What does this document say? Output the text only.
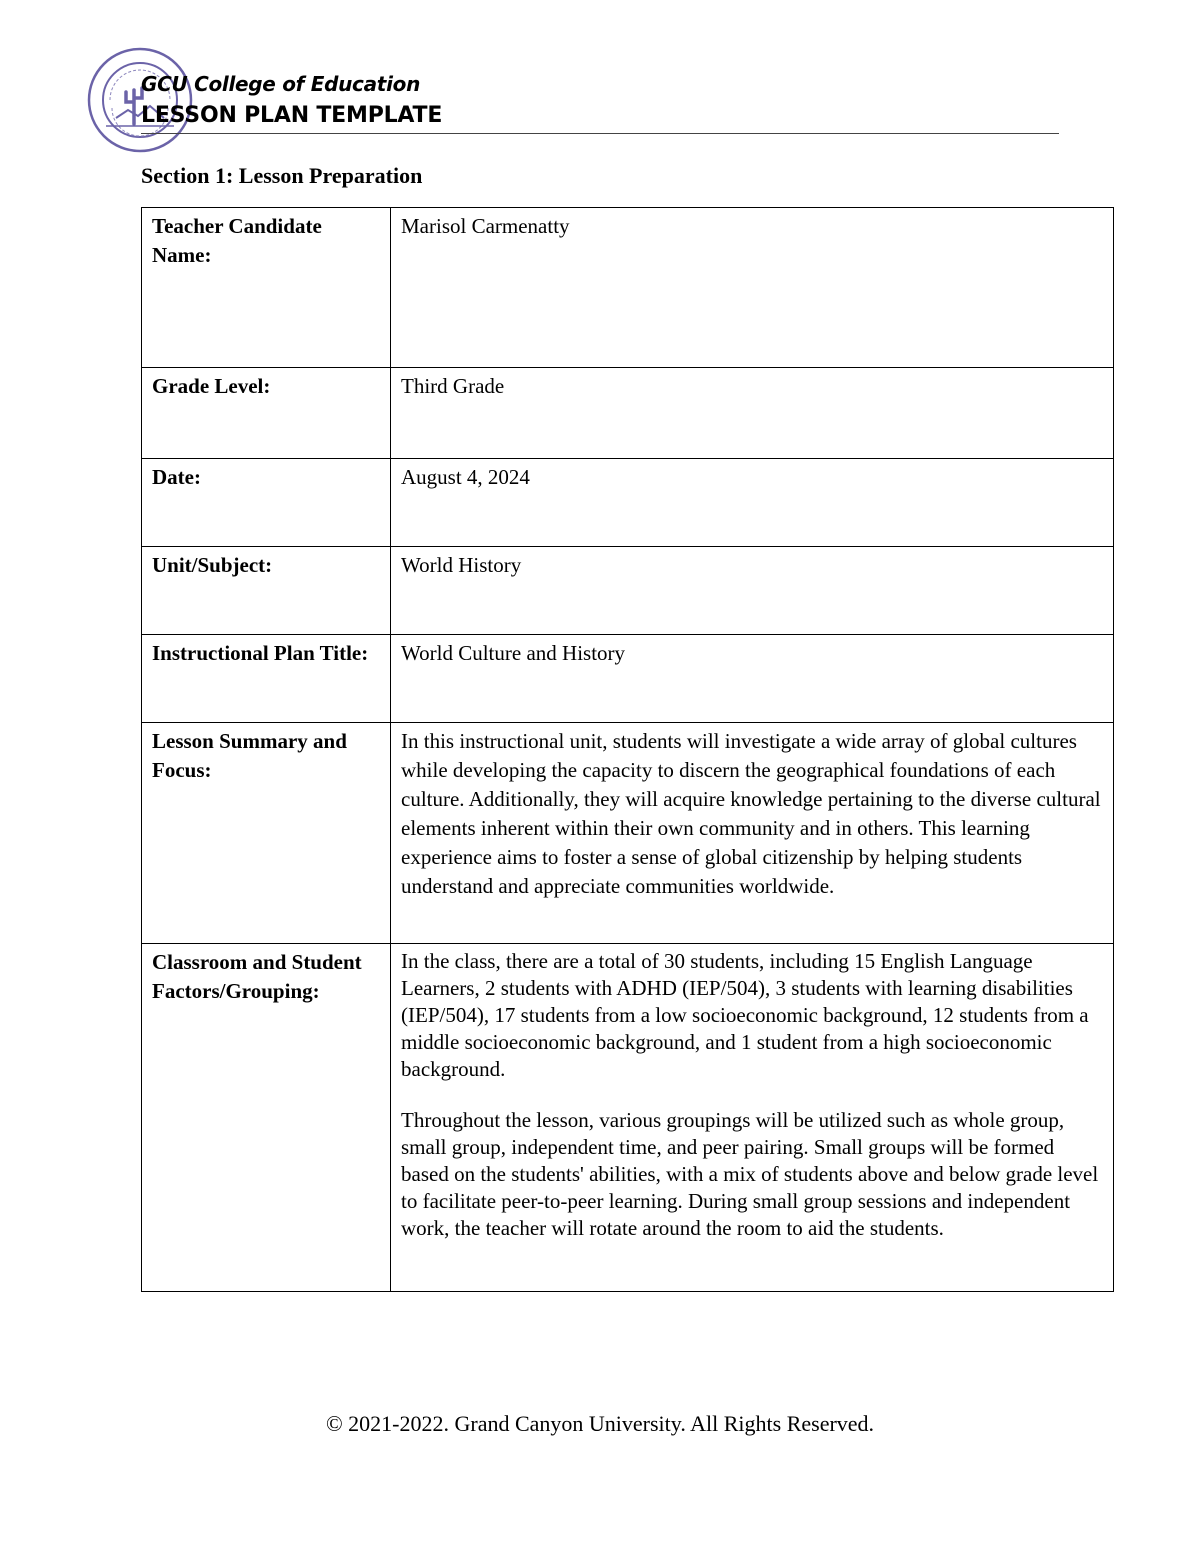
GCU College of Education
LESSON PLAN TEMPLATE
Section 1: Lesson Preparation
Teacher Candidate Name:	Marisol Carmenatty
Grade Level:	Third Grade
Date:	August 4, 2024
Unit/Subject:	World History
Instructional Plan Title:	World Culture and History
Lesson Summary and Focus:	In this instructional unit, students will investigate a wide array of global cultures while developing the capacity to discern the geographical foundations of each culture. Additionally, they will acquire knowledge pertaining to the diverse cultural elements inherent within their own community and in others. This learning experience aims to foster a sense of global citizenship by helping students understand and appreciate communities worldwide.
Classroom and Student Factors/Grouping:	In the class, there are a total of 30 students, including 15 English Language Learners, 2 students with ADHD (IEP/504), 3 students with learning disabilities (IEP/504), 17 students from a low socioeconomic background, 12 students from a middle socioeconomic background, and 1 student from a high socioeconomic background.
Throughout the lesson, various groupings will be utilized such as whole group, small group, independent time, and peer pairing. Small groups will be formed based on the students' abilities, with a mix of students above and below grade level to facilitate peer-to-peer learning. During small group sessions and independent work, the teacher will rotate around the room to aid the students.
© 2021-2022. Grand Canyon University. All Rights Reserved.
